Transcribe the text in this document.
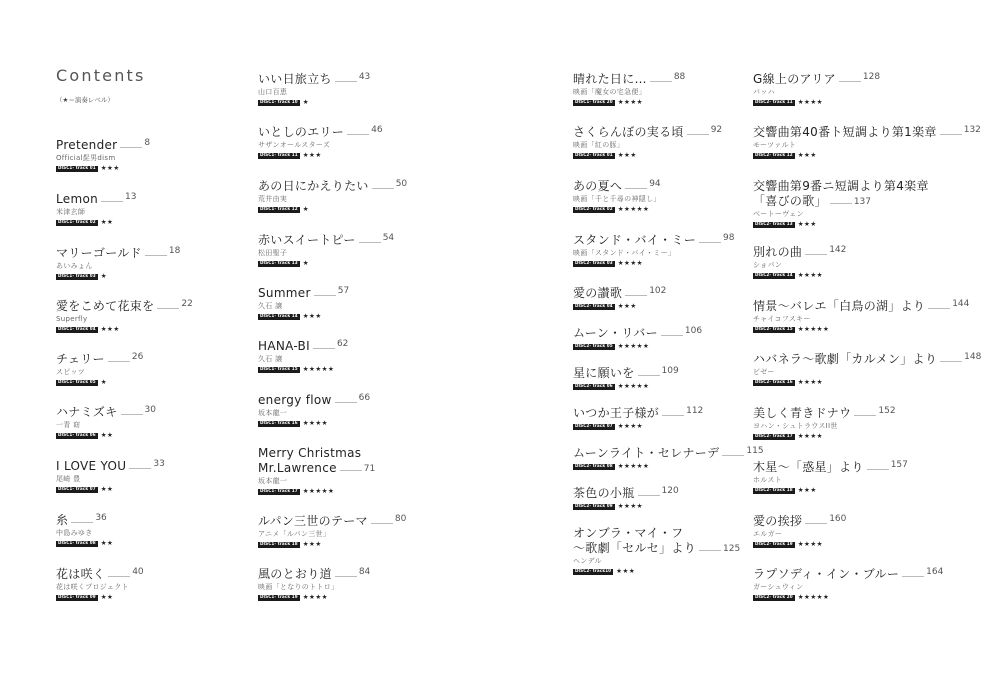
Contents
（★＝演奏レベル）
Pretender	8
Official髭男dism
DISC1- track 01 ★★★
Lemon	13
米津玄師
DISC1- track 02 ★★
マリーゴールド	18
あいみょん
DISC1- track 03 ★
愛をこめて花束を	22
Superfly
DISC1- track 04 ★★★
チェリー	26
スピッツ
DISC1- track 05 ★
ハナミズキ	30
一青 窈
DISC1- track 06 ★★
I LOVE YOU	33
尾崎 豊
DISC1- track 07 ★★
糸	36
中島みゆき
DISC1- track 08 ★★
花は咲く	40
花は咲くプロジェクト
DISC1- track 09 ★★
いい日旅立ち	43
山口百恵
DISC1- track 10 ★
いとしのエリー	46
サザンオールスターズ
DISC1- track 11 ★★★
あの日にかえりたい	50
荒井由実
DISC1- track 12 ★
赤いスイートピー	54
松田聖子
DISC1- track 13 ★
Summer	57
久石 譲
DISC1- track 14 ★★★
HANA-BI	62
久石 譲
DISC1- track 15 ★★★★★
energy flow	66
坂本龍一
DISC1- track 16 ★★★★
Merry Christmas
Mr.Lawrence	71
坂本龍一
DISC1- track 17 ★★★★★
ルパン三世のテーマ	80
アニメ「ルパン三世」
DISC1- track 18 ★★★
風のとおり道	84
映画「となりのトトロ」
DISC1- track 19 ★★★★
晴れた日に…	88
映画「魔女の宅急便」
DISC1- track 20 ★★★★
さくらんぼの実る頃	92
映画「紅の豚」
DISC2- track 01 ★★★
あの夏へ	94
映画「千と千尋の神隠し」
DISC2- track 02 ★★★★★
スタンド・バイ・ミー	98
映画「スタンド・バイ・ミー」
DISC2- track 03 ★★★★
愛の讃歌	102
DISC2- track 04 ★★★
ムーン・リバー	106
DISC2- track 05 ★★★★★
星に願いを	109
DISC2- track 06 ★★★★★
いつか王子様が	112
DISC2- track 07 ★★★★
ムーンライト・セレナーデ	115
DISC2- track 08 ★★★★★
茶色の小瓶	120
DISC2- track 09 ★★★★
オンブラ・マイ・フ
〜歌劇「セルセ」より	125
ヘンデル
DISC2- track10 ★★★
G線上のアリア	128
バッハ
DISC2- track 11 ★★★★
交響曲第40番ト短調より第1楽章	132
モーツァルト
DISC2- track 12 ★★★
交響曲第9番ニ短調より第4楽章
「喜びの歌」	137
ベートーヴェン
DISC2- track 13 ★★★
別れの曲	142
ショパン
DISC2- track 14 ★★★★
情景〜バレエ「白鳥の湖」より	144
チャイコフスキー
DISC2- track 15 ★★★★★
ハバネラ〜歌劇「カルメン」より	148
ビゼー
DISC2- track 16 ★★★★
美しく青きドナウ	152
ヨハン・シュトラウスII世
DISC2- track 17 ★★★★
木星〜「惑星」より	157
ホルスト
DISC2- track 18 ★★★
愛の挨拶	160
エルガー
DISC2- track 19 ★★★★
ラプソディ・イン・ブルー	164
ガーシュウィン
DISC2- track 20 ★★★★★
